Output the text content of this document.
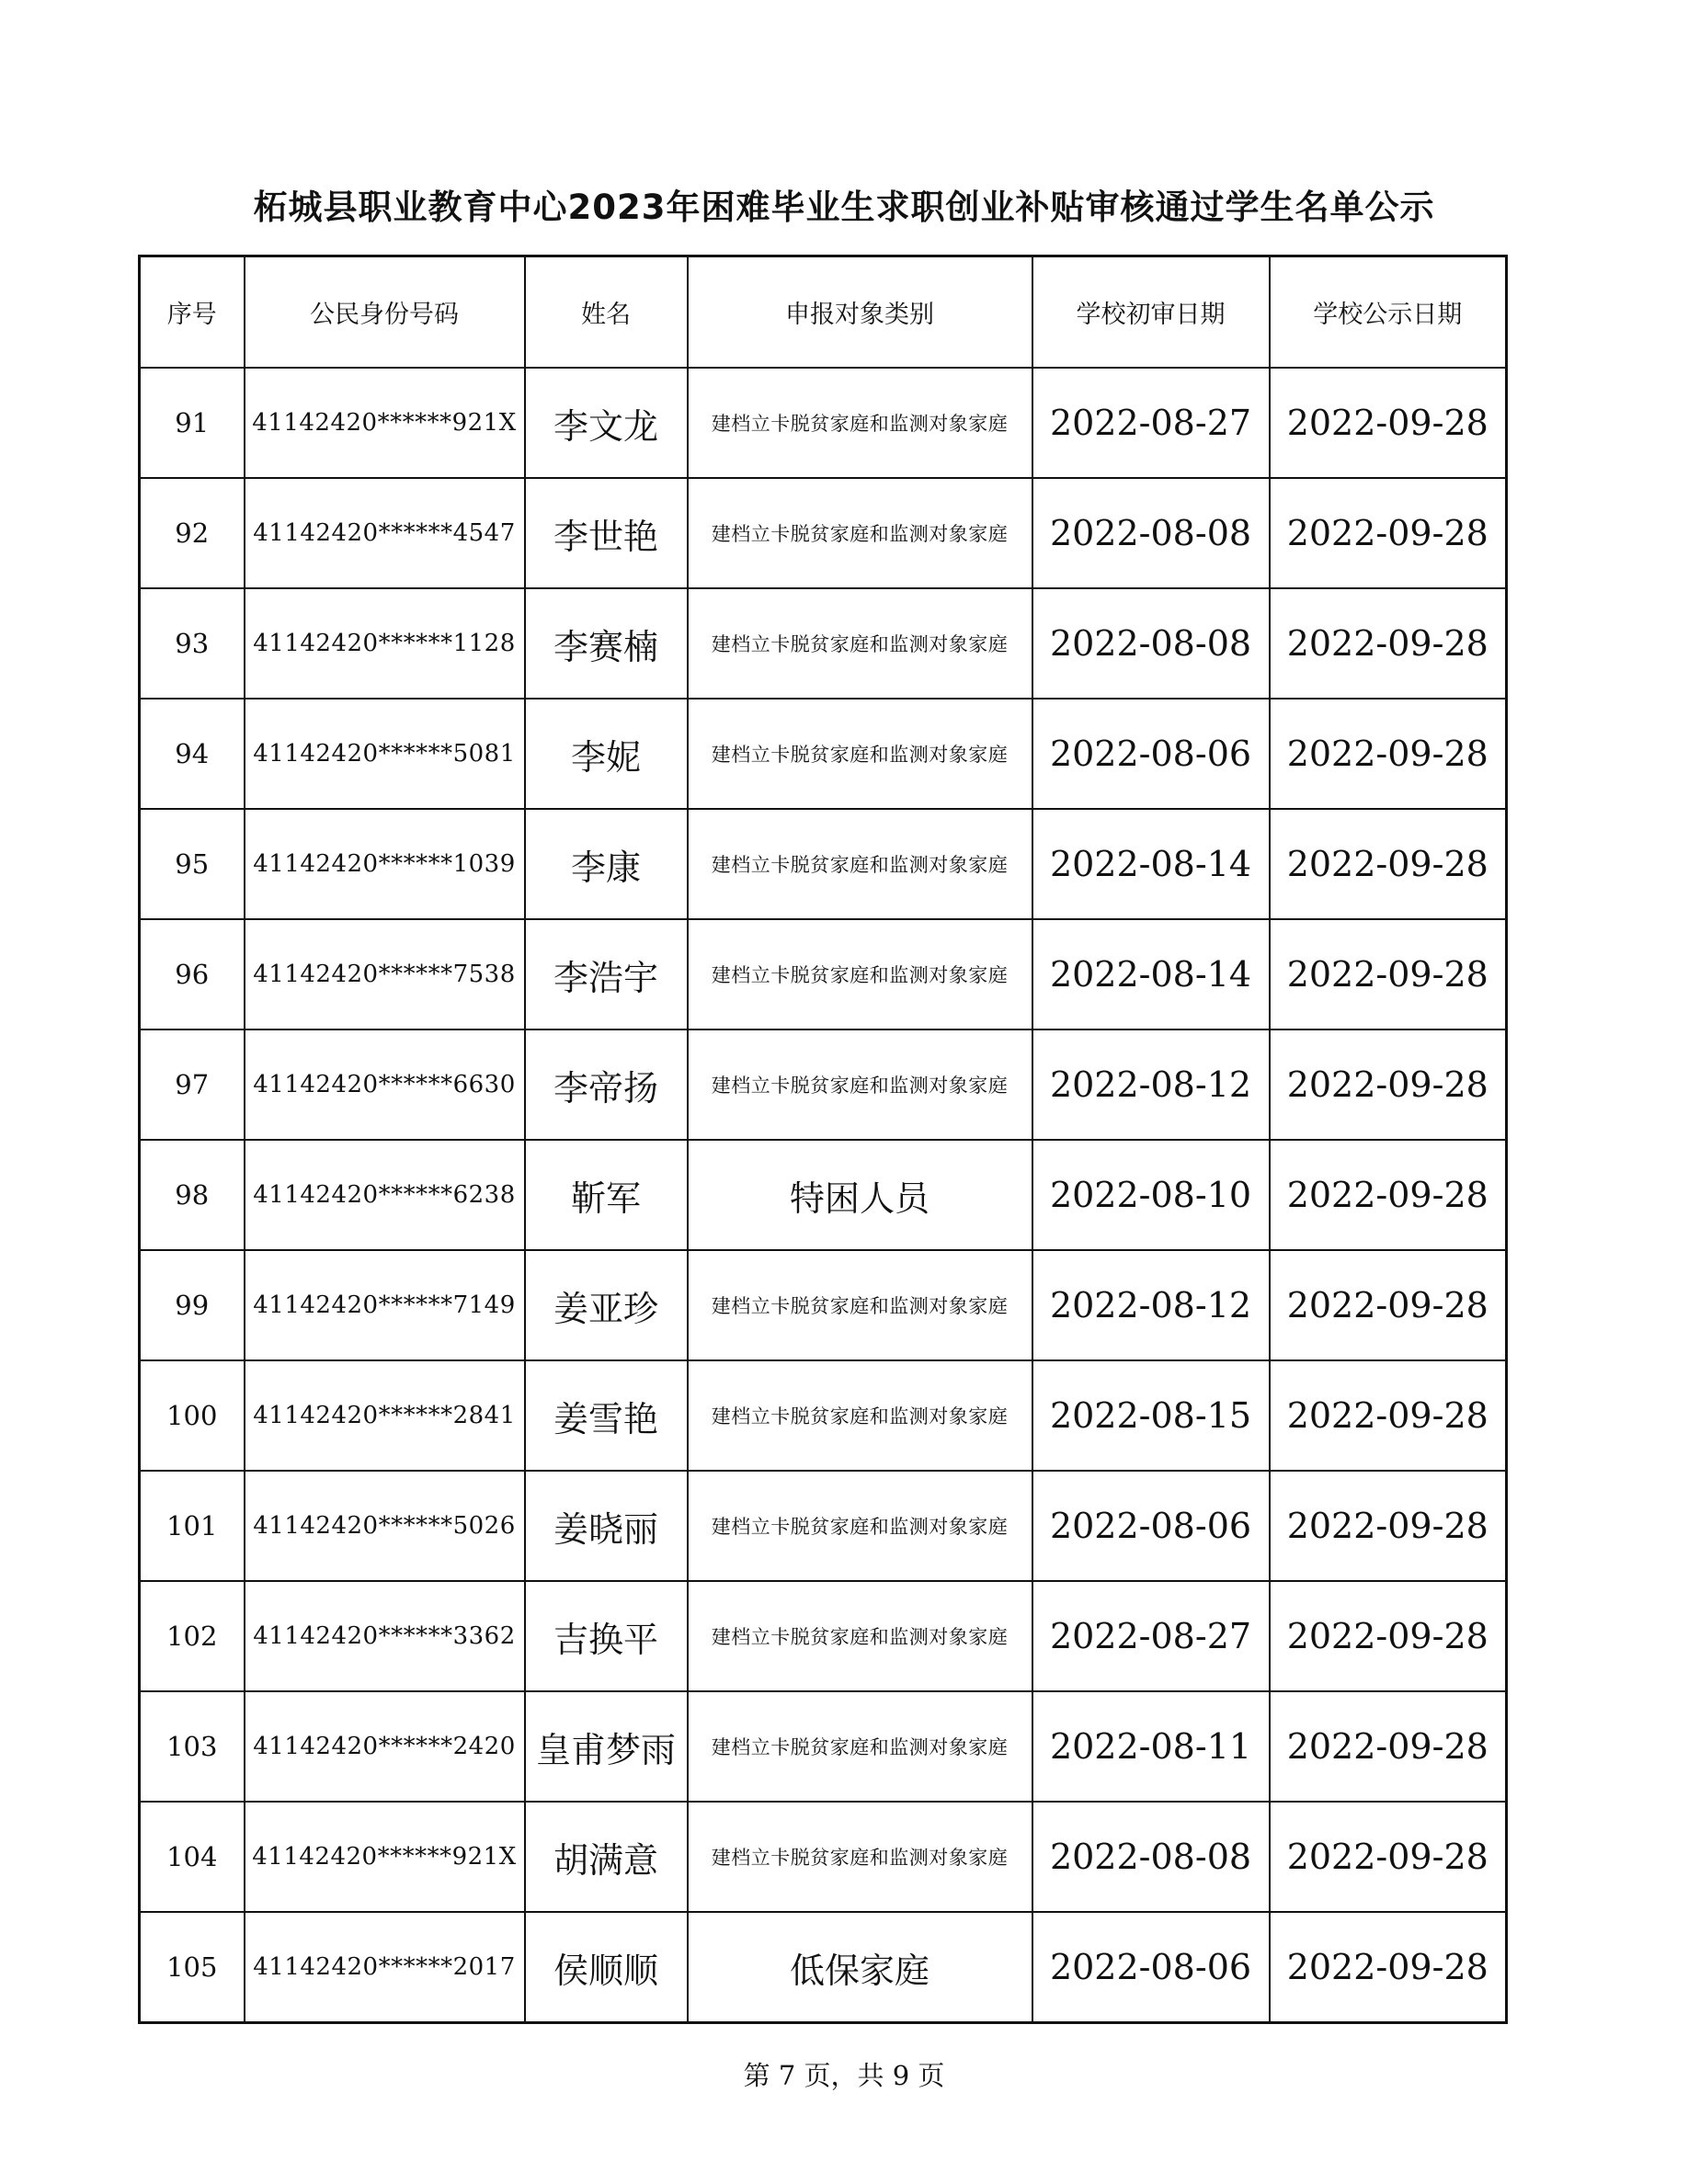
柘城县职业教育中心2023年困难毕业生求职创业补贴审核通过学生名单公示
序号	公民身份号码	姓名	申报对象类别	学校初审日期	学校公示日期
91	41142420******921X	李文龙	建档立卡脱贫家庭和监测对象家庭	2022-08-27	2022-09-28
92	41142420******4547	李世艳	建档立卡脱贫家庭和监测对象家庭	2022-08-08	2022-09-28
93	41142420******1128	李赛楠	建档立卡脱贫家庭和监测对象家庭	2022-08-08	2022-09-28
94	41142420******5081	李妮	建档立卡脱贫家庭和监测对象家庭	2022-08-06	2022-09-28
95	41142420******1039	李康	建档立卡脱贫家庭和监测对象家庭	2022-08-14	2022-09-28
96	41142420******7538	李浩宇	建档立卡脱贫家庭和监测对象家庭	2022-08-14	2022-09-28
97	41142420******6630	李帝扬	建档立卡脱贫家庭和监测对象家庭	2022-08-12	2022-09-28
98	41142420******6238	靳军	特困人员	2022-08-10	2022-09-28
99	41142420******7149	姜亚珍	建档立卡脱贫家庭和监测对象家庭	2022-08-12	2022-09-28
100	41142420******2841	姜雪艳	建档立卡脱贫家庭和监测对象家庭	2022-08-15	2022-09-28
101	41142420******5026	姜晓丽	建档立卡脱贫家庭和监测对象家庭	2022-08-06	2022-09-28
102	41142420******3362	吉换平	建档立卡脱贫家庭和监测对象家庭	2022-08-27	2022-09-28
103	41142420******2420	皇甫梦雨	建档立卡脱贫家庭和监测对象家庭	2022-08-11	2022-09-28
104	41142420******921X	胡满意	建档立卡脱贫家庭和监测对象家庭	2022-08-08	2022-09-28
105	41142420******2017	侯顺顺	低保家庭	2022-08-06	2022-09-28
第 7 页，共 9 页
